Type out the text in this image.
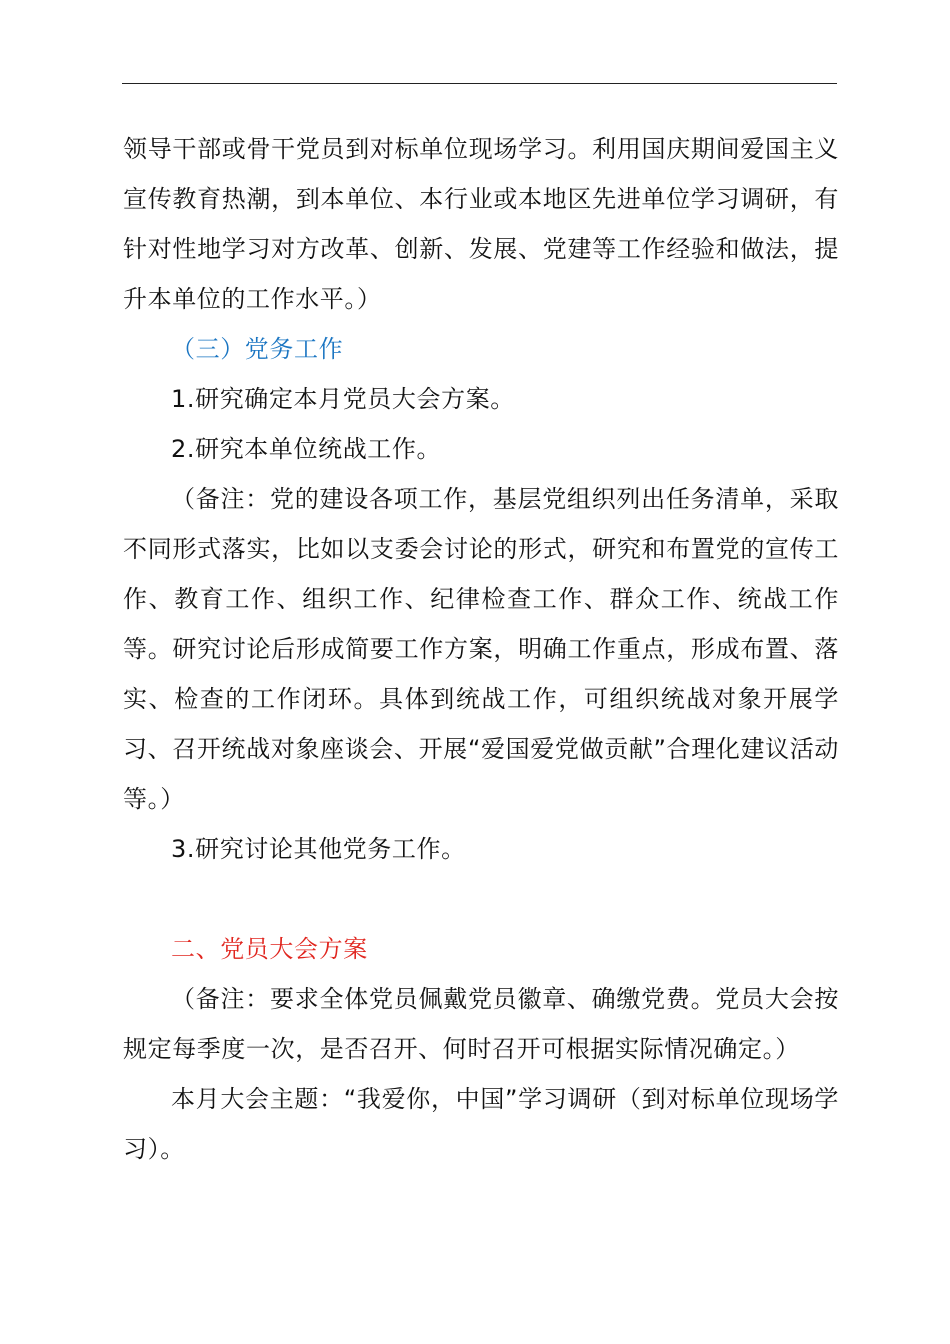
领导干部或骨干党员到对标单位现场学习。利用国庆期间爱国主义宣传教育热潮，到本单位、本行业或本地区先进单位学习调研，有针对性地学习对方改革、创新、发展、党建等工作经验和做法，提升本单位的工作水平。）

（三）党务工作

1.研究确定本月党员大会方案。

2.研究本单位统战工作。

（备注：党的建设各项工作，基层党组织列出任务清单，采取不同形式落实，比如以支委会讨论的形式，研究和布置党的宣传工作、教育工作、组织工作、纪律检查工作、群众工作、统战工作等。研究讨论后形成简要工作方案，明确工作重点，形成布置、落实、检查的工作闭环。具体到统战工作，可组织统战对象开展学习、召开统战对象座谈会、开展“爱国爱党做贡献”合理化建议活动等。）

3.研究讨论其他党务工作。

二、党员大会方案

（备注：要求全体党员佩戴党员徽章、确缴党费。党员大会按规定每季度一次，是否召开、何时召开可根据实际情况确定。）

本月大会主题：“我爱你，中国”学习调研（到对标单位现场学习）。
